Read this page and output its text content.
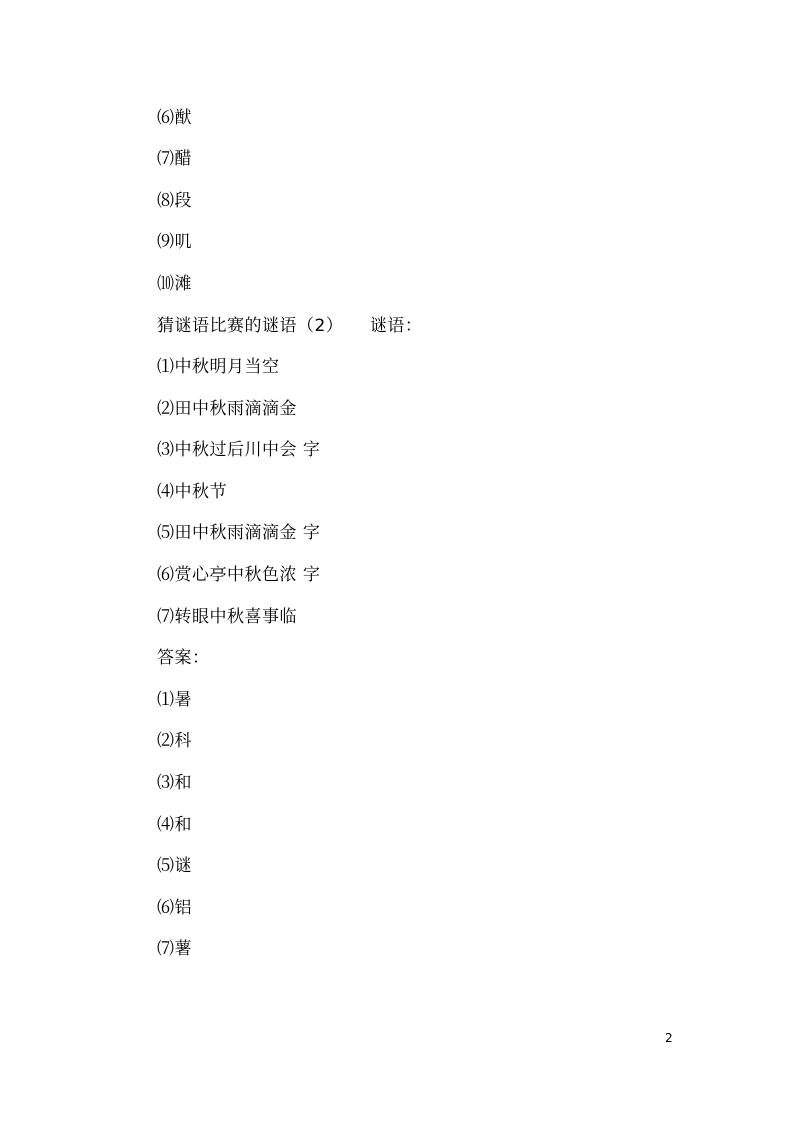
⑹猷
⑺醋
⑻段
⑼叽
⑽滩
猜谜语比赛的谜语（2）　　谜语：
⑴中秋明月当空
⑵田中秋雨滴滴金
⑶中秋过后川中会 字
⑷中秋节
⑸田中秋雨滴滴金 字
⑹赏心亭中秋色浓 字
⑺转眼中秋喜事临
答案：
⑴暑
⑵科
⑶和
⑷和
⑸谜
⑹铝
⑺薯
2
